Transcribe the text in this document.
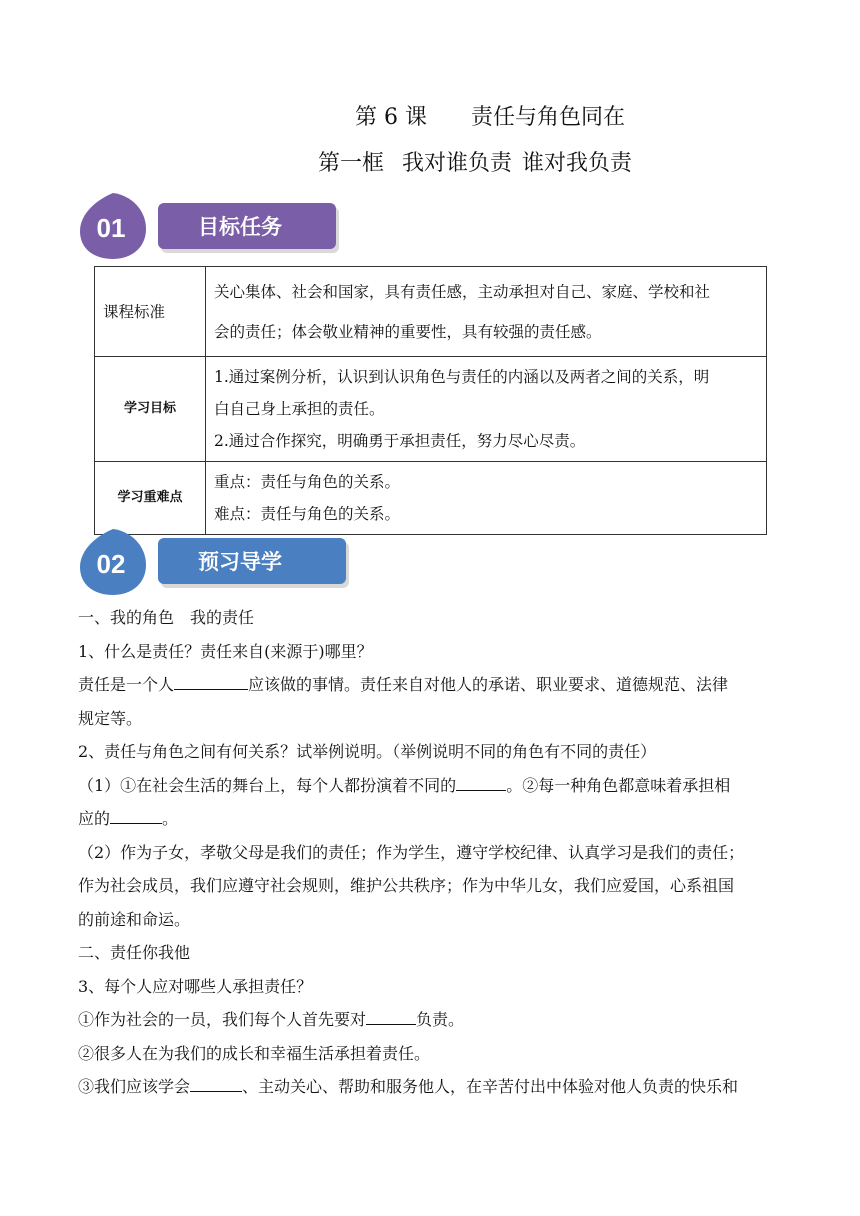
第 6 课 责任与角色同在
第一框 我对谁负责 谁对我负责
01	目标任务
课程标准	关心集体、社会和国家，具有责任感，主动承担对自己、家庭、学校和社
会的责任；体会敬业精神的重要性，具有较强的责任感。

学习目标	1.通过案例分析，认识到认识角色与责任的内涵以及两者之间的关系，明
白自己身上承担的责任。
2.通过合作探究，明确勇于承担责任，努力尽心尽责。

学习重难点	重点：责任与角色的关系。
难点：责任与角色的关系。
02	预习导学

一、我的角色　我的责任

1、什么是责任？责任来自(来源于)哪里？

责任是一个人	应该做的事情。责任来自对他人的承诺、职业要求、道德规范、法律

规定等。

2、责任与角色之间有何关系？试举例说明。（举例说明不同的角色有不同的责任）

（1）①在社会生活的舞台上，每个人都扮演着不同的	。②每一种角色都意味着承担相

应的	。

（2）作为子女，孝敬父母是我们的责任；作为学生，遵守学校纪律、认真学习是我们的责任；

作为社会成员，我们应遵守社会规则，维护公共秩序；作为中华儿女，我们应爱国，心系祖国

的前途和命运。

二、责任你我他

3、每个人应对哪些人承担责任？

①作为社会的一员，我们每个人首先要对	负责。

②很多人在为我们的成长和幸福生活承担着责任。

③我们应该学会	、主动关心、帮助和服务他人，在辛苦付出中体验对他人负责的快乐和
